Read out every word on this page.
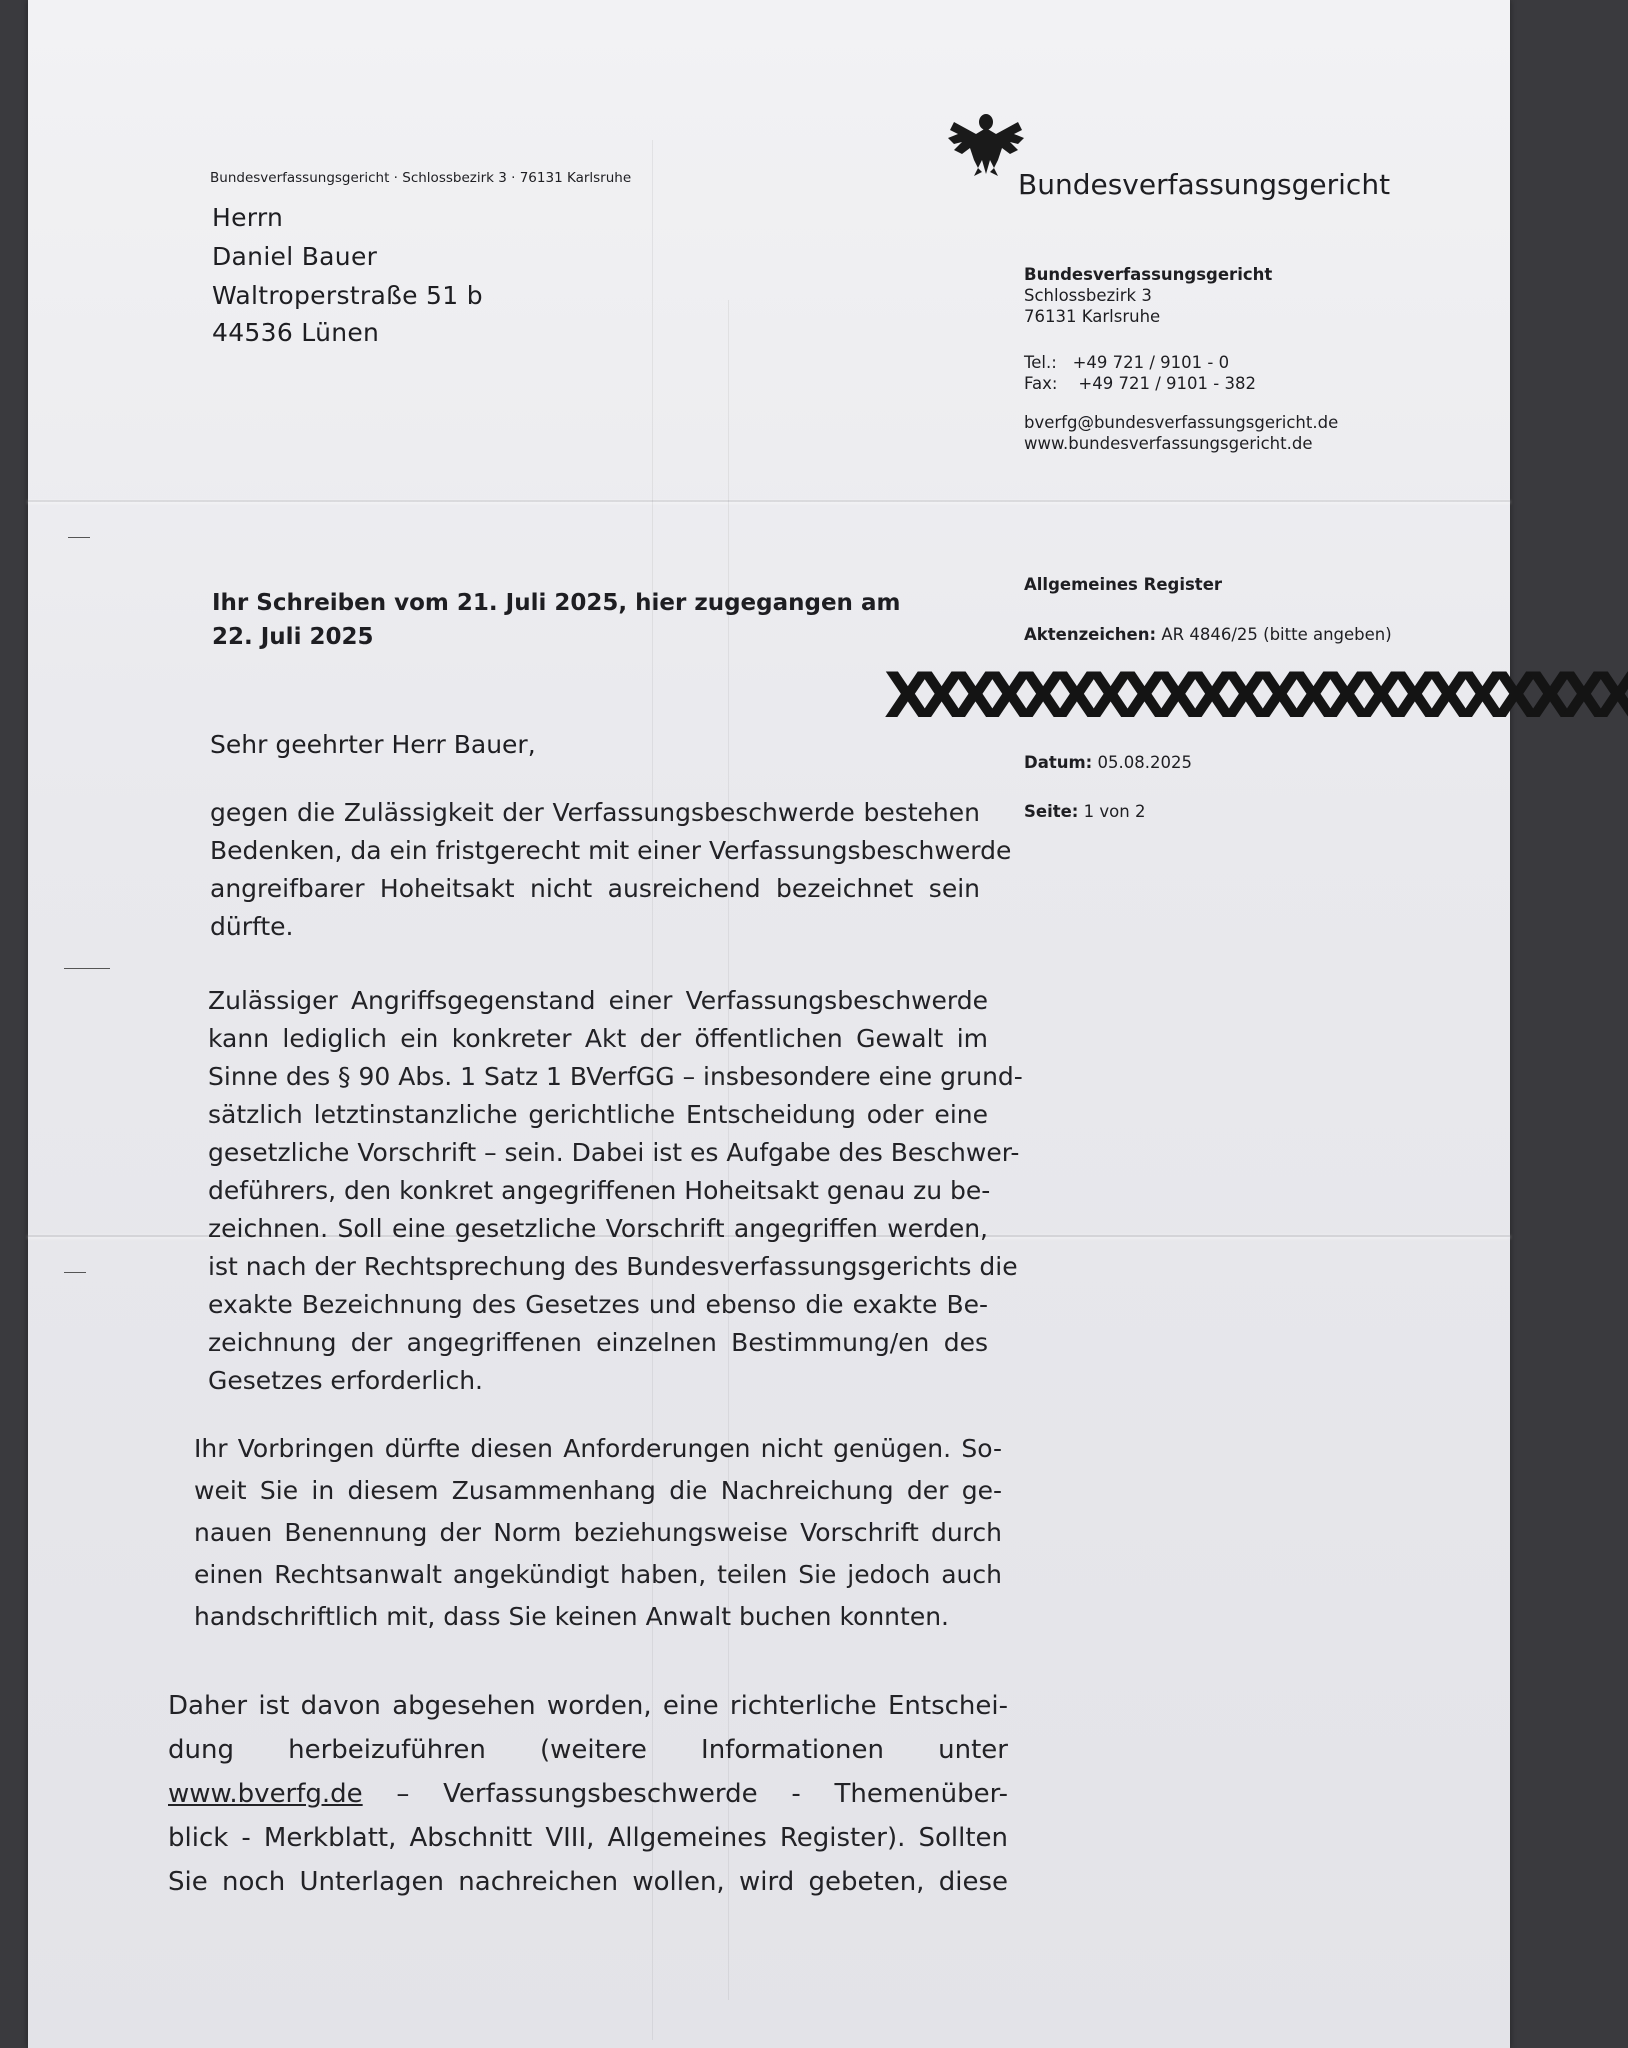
Bundesverfassungsgericht · Schlossbezirk 3 · 76131 Karlsruhe	Bundesverfassungsgericht
Herrn
Daniel Bauer
Waltroperstraße 51 b
44536 Lünen
Bundesverfassungsgericht
Schlossbezirk 3
76131 Karlsruhe
Tel.: +49 721 / 9101 - 0
Fax: +49 721 / 9101 - 382
bverfg@bundesverfassungsgericht.de
www.bundesverfassungsgericht.de
Allgemeines Register
Aktenzeichen: AR 4846/25 (bitte angeben)
XXXXXXXXXXXXXXXXXXXXXX
Datum: 05.08.2025
Seite: 1 von 2
Ihr Schreiben vom 21. Juli 2025, hier zugegangen am
22. Juli 2025
Sehr geehrter Herr Bauer,
gegen die Zulässigkeit der Verfassungsbeschwerde bestehen
Bedenken, da ein fristgerecht mit einer Verfassungsbeschwerde
angreifbarer Hoheitsakt nicht ausreichend bezeichnet sein
dürfte.
Zulässiger Angriffsgegenstand einer Verfassungsbeschwerde
kann lediglich ein konkreter Akt der öffentlichen Gewalt im
Sinne des § 90 Abs. 1 Satz 1 BVerfGG – insbesondere eine grund-
sätzlich letztinstanzliche gerichtliche Entscheidung oder eine
gesetzliche Vorschrift – sein. Dabei ist es Aufgabe des Beschwer-
deführers, den konkret angegriffenen Hoheitsakt genau zu be-
zeichnen. Soll eine gesetzliche Vorschrift angegriffen werden,
ist nach der Rechtsprechung des Bundesverfassungsgerichts die
exakte Bezeichnung des Gesetzes und ebenso die exakte Be-
zeichnung der angegriffenen einzelnen Bestimmung/en des
Gesetzes erforderlich.
Ihr Vorbringen dürfte diesen Anforderungen nicht genügen. So-
weit Sie in diesem Zusammenhang die Nachreichung der ge-
nauen Benennung der Norm beziehungsweise Vorschrift durch
einen Rechtsanwalt angekündigt haben, teilen Sie jedoch auch
handschriftlich mit, dass Sie keinen Anwalt buchen konnten.
Daher ist davon abgesehen worden, eine richterliche Entschei-
dung herbeizuführen (weitere Informationen unter
www.bverfg.de – Verfassungsbeschwerde - Themenüber-
blick - Merkblatt, Abschnitt VIII, Allgemeines Register). Sollten
Sie noch Unterlagen nachreichen wollen, wird gebeten, diese
